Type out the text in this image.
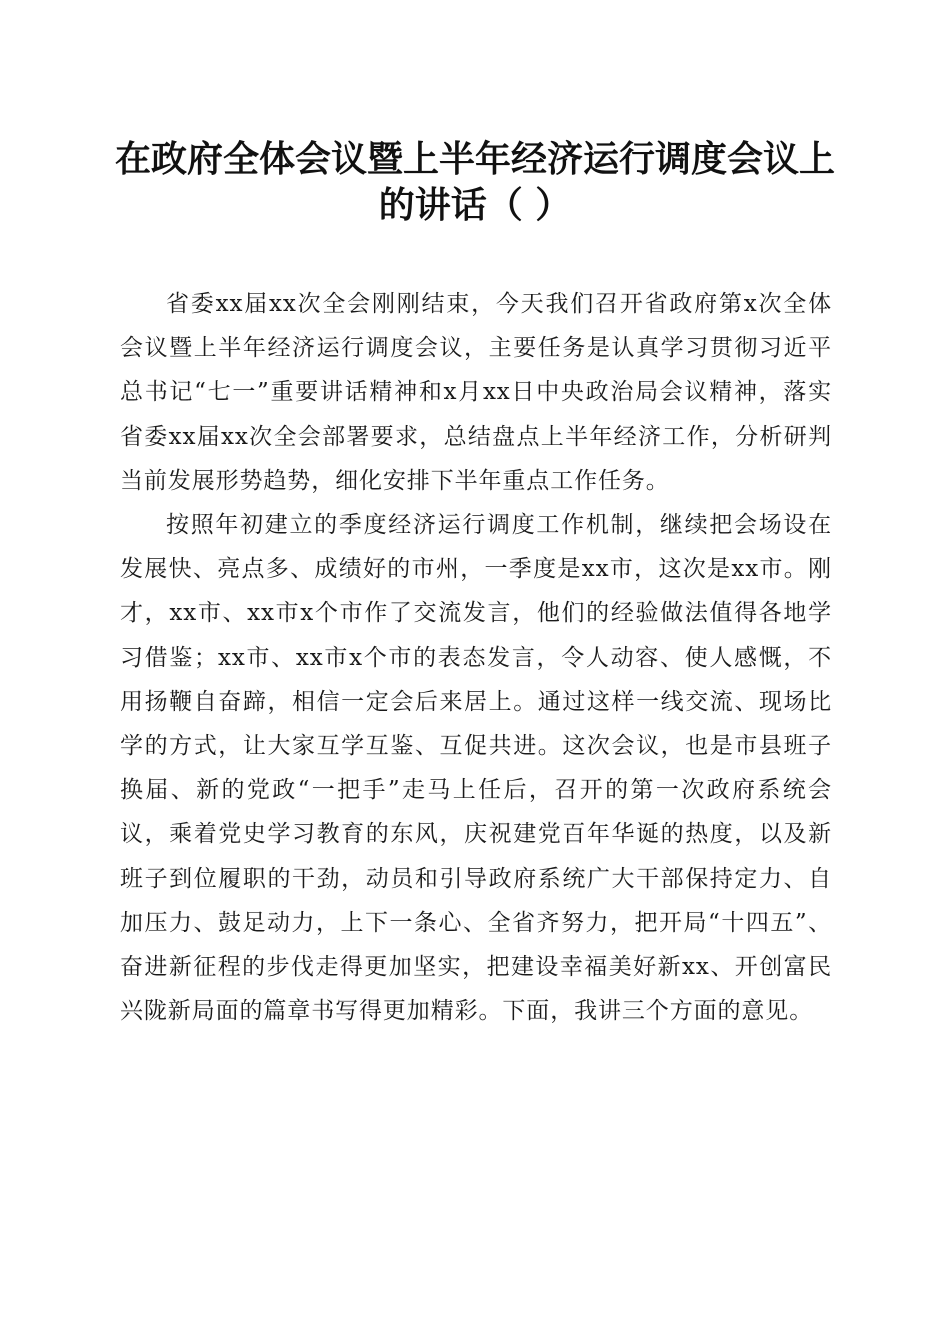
在政府全体会议暨上半年经济运行调度会议上的讲话（ ）

省委xx届xx次全会刚刚结束，今天我们召开省政府第x次全体会议暨上半年经济运行调度会议，主要任务是认真学习贯彻习近平总书记“七一”重要讲话精神和x月xx日中央政治局会议精神，落实省委xx届xx次全会部署要求，总结盘点上半年经济工作，分析研判当前发展形势趋势，细化安排下半年重点工作任务。

按照年初建立的季度经济运行调度工作机制，继续把会场设在发展快、亮点多、成绩好的市州，一季度是xx市，这次是xx市。刚才，xx市、xx市x个市作了交流发言，他们的经验做法值得各地学习借鉴；xx市、xx市x个市的表态发言，令人动容、使人感慨，不用扬鞭自奋蹄，相信一定会后来居上。通过这样一线交流、现场比学的方式，让大家互学互鉴、互促共进。这次会议，也是市县班子换届、新的党政“一把手”走马上任后，召开的第一次政府系统会议，乘着党史学习教育的东风，庆祝建党百年华诞的热度，以及新班子到位履职的干劲，动员和引导政府系统广大干部保持定力、自加压力、鼓足动力，上下一条心、全省齐努力，把开局“十四五”、奋进新征程的步伐走得更加坚实，把建设幸福美好新xx、开创富民兴陇新局面的篇章书写得更加精彩。下面，我讲三个方面的意见。
